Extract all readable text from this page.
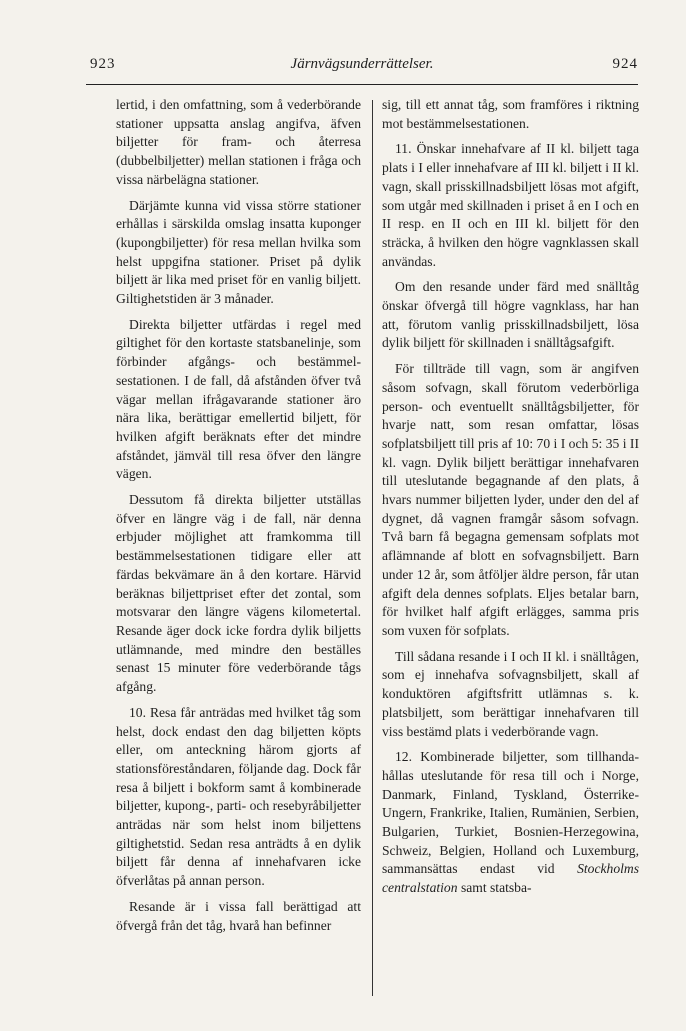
923	Järnvägsunderrättelser.	924

lertid, i den omfattning, som å vederbörande stationer uppsatta anslag angifva, äfven biljetter för fram- och återresa (dubbelbiljetter) mellan stationen i fråga och vissa närbelägna stationer.

Därjämte kunna vid vissa större stationer erhållas i särskilda omslag insatta kuponger (kupongbiljetter) för resa mellan hvilka som helst uppgifna stationer. Priset på dylik biljett är lika med priset för en vanlig biljett. Giltighetstiden är 3 månader.

Direkta biljetter utfärdas i regel med giltighet för den kortaste statsbanelinje, som förbinder afgångs- och bestämmelsestationen. I de fall, då afstånden öfver två vägar mellan ifrågavarande stationer äro nära lika, berättigar emellertid biljett, för hvilken afgift beräknats efter det mindre afståndet, jämväl till resa öfver den längre vägen.

Dessutom få direkta biljetter utställas öfver en längre väg i de fall, när denna erbjuder möjlighet att framkomma till bestämmelsestationen tidigare eller att färdas bekvämare än å den kortare. Härvid beräknas biljettpriset efter det zontal, som motsvarar den längre vägens kilometertal. Resande äger dock icke fordra dylik biljetts utlämnande, med mindre den beställes senast 15 minuter före vederbörande tågs afgång.

10. Resa får anträdas med hvilket tåg som helst, dock endast den dag biljetten köpts eller, om anteckning härom gjorts af stationsföreståndaren, följande dag. Dock får resa å biljett i bokform samt å kombinerade biljetter, kupong-, parti- och resebyråbiljetter anträdas när som helst inom biljettens giltighetstid. Sedan resa anträdts å en dylik biljett får denna af innehafvaren icke öfverlåtas på annan person.

Resande är i vissa fall berättigad att öfvergå från det tåg, hvarå han befinner

sig, till ett annat tåg, som framföres i riktning mot bestämmelsestationen.

11. Önskar innehafvare af II kl. biljett taga plats i I eller innehafvare af III kl. biljett i II kl. vagn, skall prisskillnadsbiljett lösas mot afgift, som utgår med skillnaden i priset å en I och en II resp. en II och en III kl. biljett för den sträcka, å hvilken den högre vagnklassen skall användas.

Om den resande under färd med snälltåg önskar öfvergå till högre vagnklass, har han att, förutom vanlig prisskillnadsbiljett, lösa dylik biljett för skillnaden i snälltågsafgift.

För tillträde till vagn, som är angifven såsom sofvagn, skall förutom vederbörliga person- och eventuellt snälltågsbiljetter, för hvarje natt, som resan omfattar, lösas sofplatsbiljett till pris af 10: 70 i I och 5: 35 i II kl. vagn. Dylik biljett berättigar innehafvaren till uteslutande begagnande af den plats, å hvars nummer biljetten lyder, under den del af dygnet, då vagnen framgår såsom sofvagn. Två barn få begagna gemensam sofplats mot aflämnande af blott en sofvagnsbiljett. Barn under 12 år, som åtföljer äldre person, får utan afgift dela dennes sofplats. Eljes betalar barn, för hvilket half afgift erlägges, samma pris som vuxen för sofplats.

Till sådana resande i I och II kl. i snälltågen, som ej innehafva sofvagnsbiljett, skall af konduktören afgiftsfritt utlämnas s. k. platsbiljett, som berättigar innehafvaren till viss bestämd plats i vederbörande vagn.

12. Kombinerade biljetter, som tillhandahållas uteslutande för resa till och i Norge, Danmark, Finland, Tyskland, Österrike-Ungern, Frankrike, Italien, Rumänien, Serbien, Bulgarien, Turkiet, Bosnien-Herzegowina, Schweiz, Belgien, Holland och Luxemburg, sammansättas endast vid Stockholms centralstation samt statsba-
